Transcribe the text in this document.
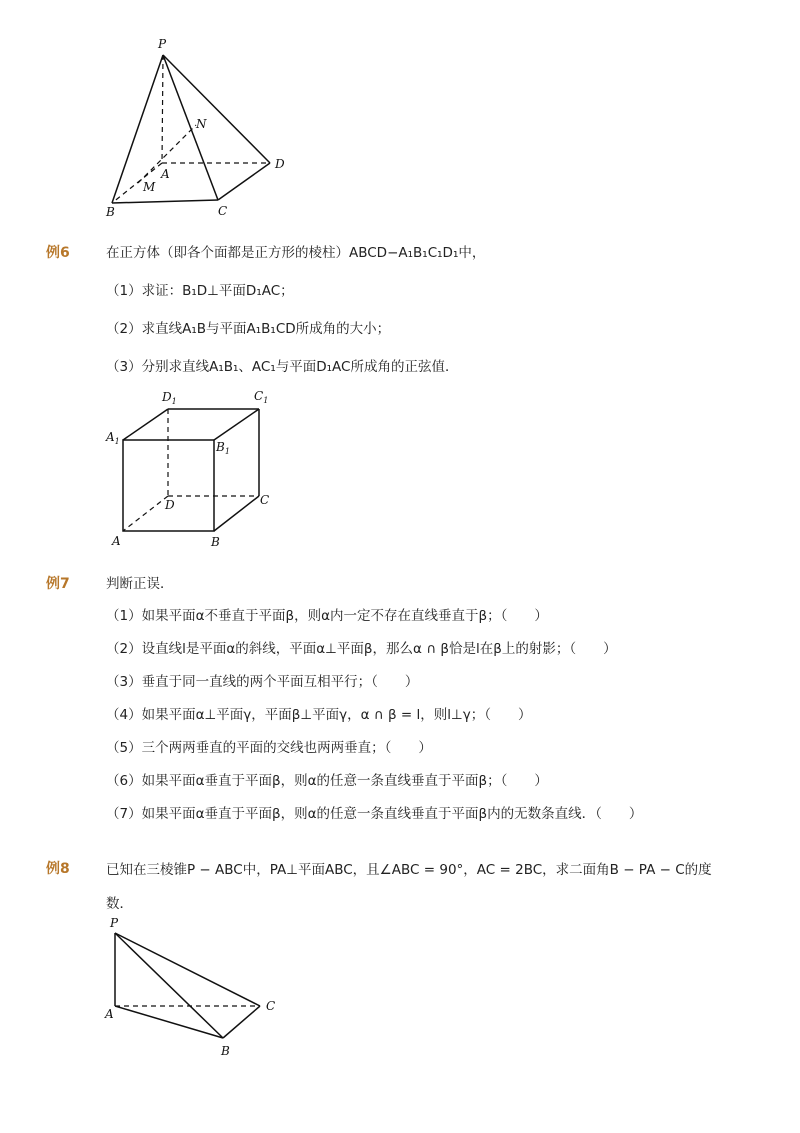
P
N
D
A
M
B	C
例6	在正方体（即各个面都是正方形的棱柱）ABCD−A₁B₁C₁D₁中，
（1）求证：B₁D⊥平面D₁AC；
（2）求直线A₁B与平面A₁B₁CD所成角的大小；
（3）分别求直线A₁B₁、AC₁与平面D₁AC所成角的正弦值．
$D_1$	$C_1$
$A_1$	$B_1$
D	C
A	B
例7	判断正误．
（1）如果平面α不垂直于平面β，则α内一定不存在直线垂直于β；（　　）
（2）设直线l是平面α的斜线，平面α⊥平面β，那么α ∩ β恰是l在β上的射影；（　　）
（3）垂直于同一直线的两个平面互相平行；（　　）
（4）如果平面α⊥平面γ，平面β⊥平面γ，α ∩ β = l，则l⊥γ；（　　）
（5）三个两两垂直的平面的交线也两两垂直；（　　）
（6）如果平面α垂直于平面β，则α的任意一条直线垂直于平面β；（　　）
（7）如果平面α垂直于平面β，则α的任意一条直线垂直于平面β内的无数条直线．（　　）
例8	已知在三棱锥P − ABC中，PA⊥平面ABC，且∠ABC = 90°，AC = 2BC，求二面角B − PA − C的度
数．
P
A
C
B
